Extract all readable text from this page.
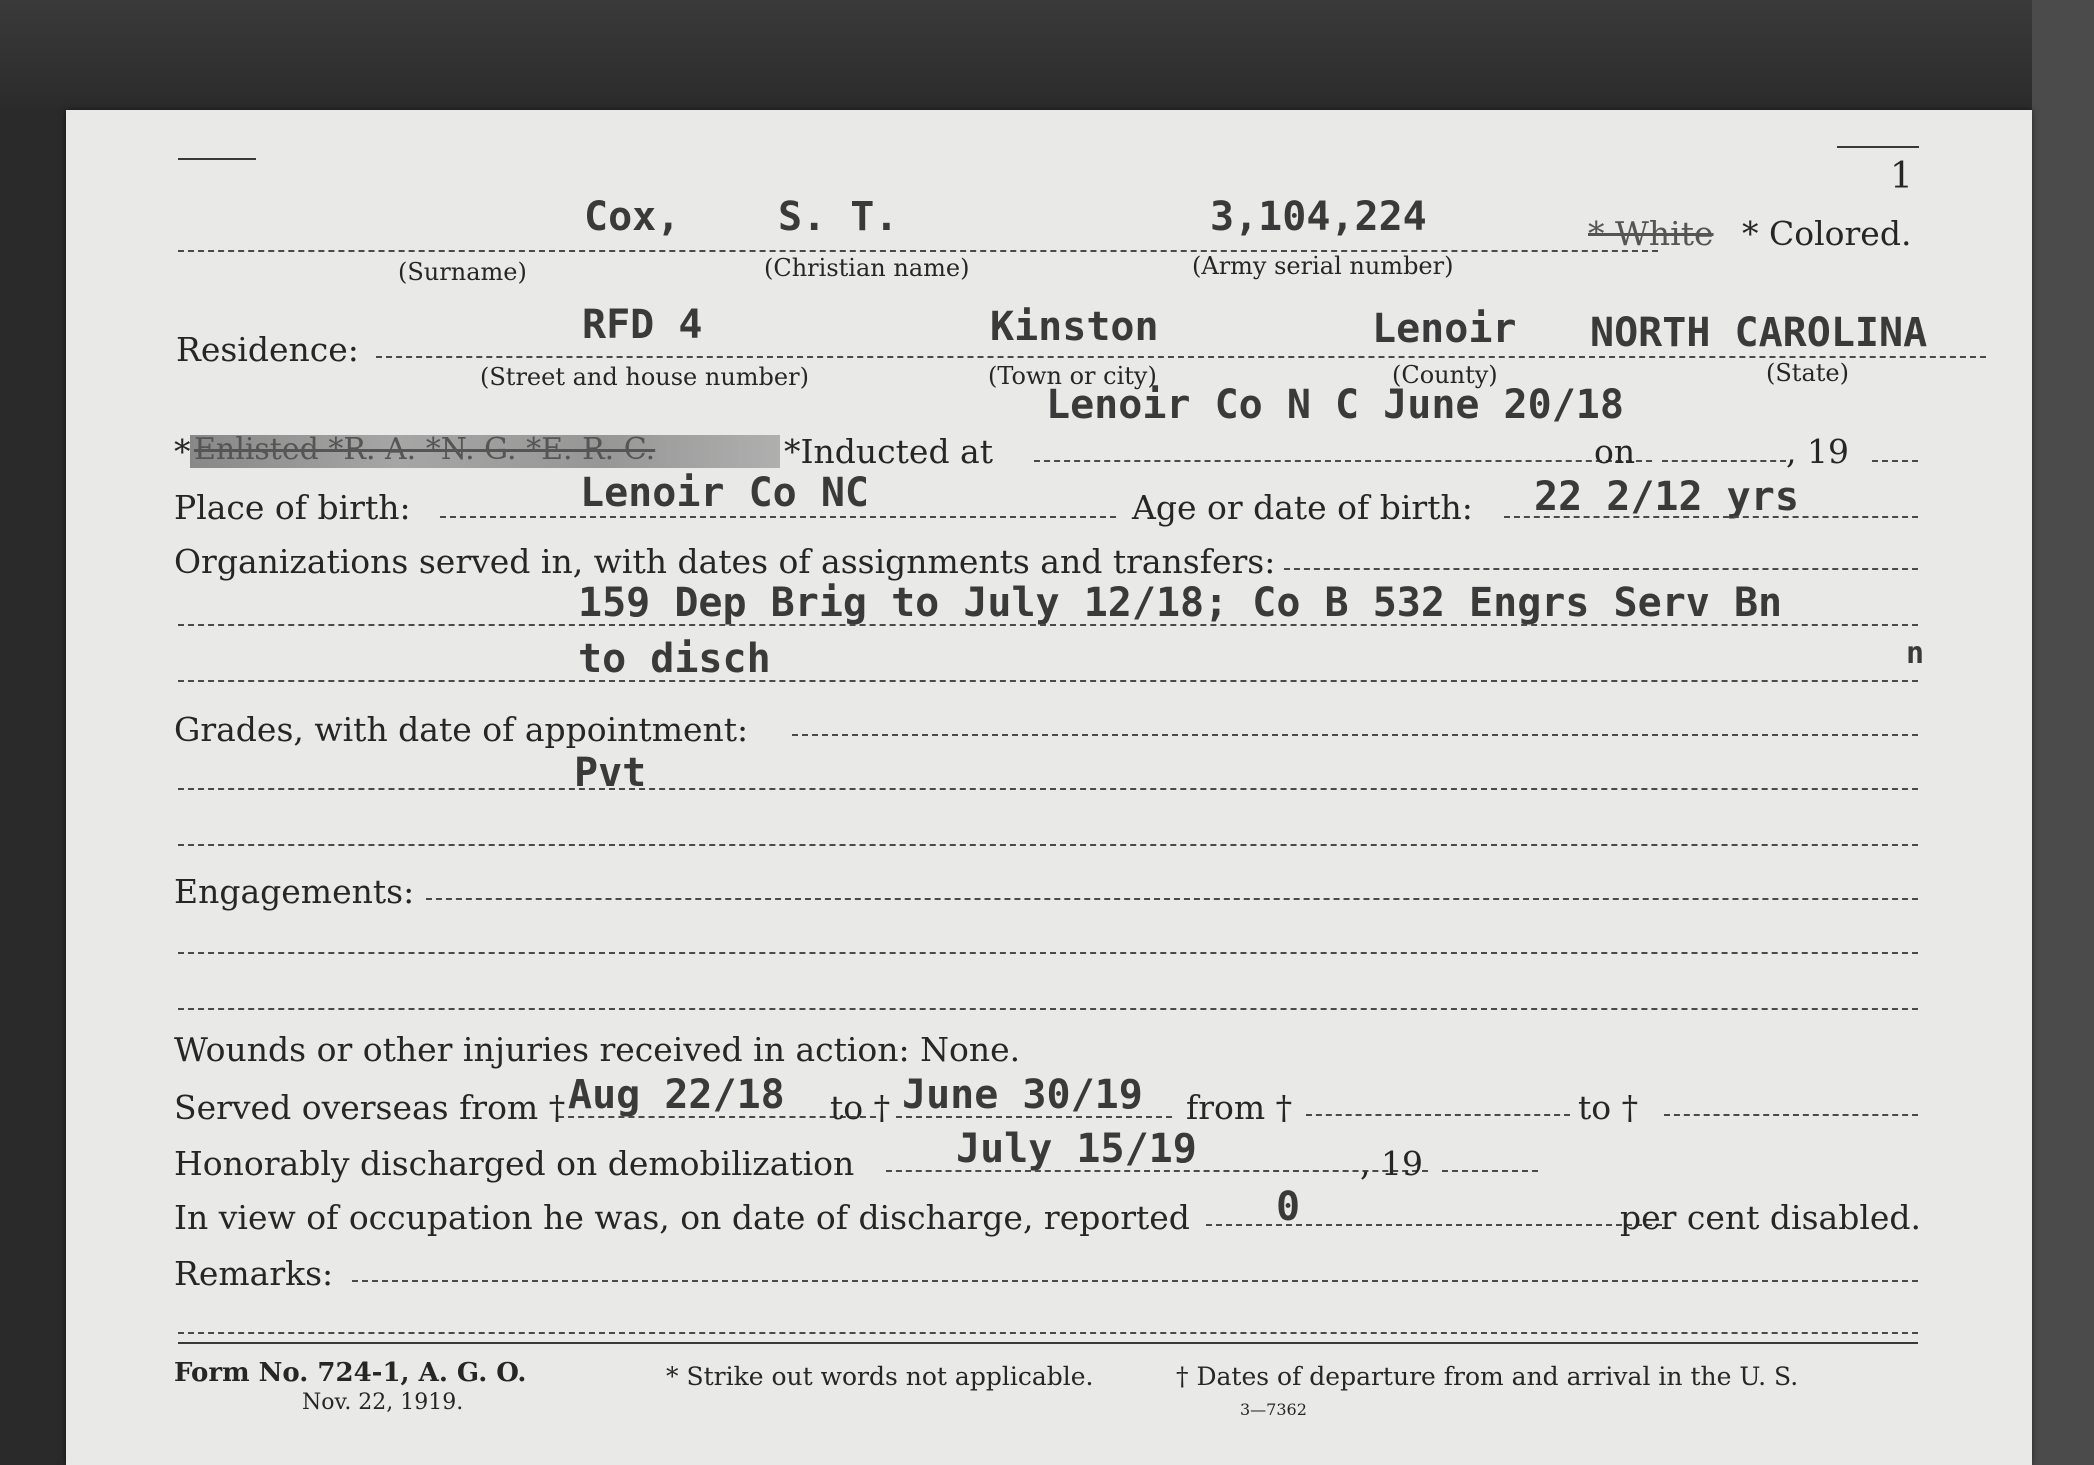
1
Cox, S. T.	3,104,224	* White * Colored.
(Surname)	(Christian name)	(Army serial number)
Residence:
RFD 4	Kinston	Lenoir NORTH CAROLINA
(Street and house number)	(Town or city)	(County)	(State)
Lenoir Co N C June 20/18
* Enlisted *R. A. *N. G. *E. R. C.	*Inducted at	on	, 19
Place of birth:	Lenoir Co NC	Age or date of birth: 22 2/12 yrs
Organizations served in, with dates of assignments and transfers:
159 Dep Brig to July 12/18; Co B 532 Engrs Serv Bn
to disch	n
Grades, with date of appointment:
Pvt
Engagements:
Wounds or other injuries received in action: None.
Served overseas from † Aug 22/18 to † June 30/19 from †	to †
Honorably discharged on demobilization	July 15/19	, 19
In view of occupation he was, on date of discharge, reported 0	per cent disabled.
Remarks:
Form No. 724-1, A. G. O.
Nov. 22, 1919.
* Strike out words not applicable.	† Dates of departure from and arrival in the U. S.
3—7362
